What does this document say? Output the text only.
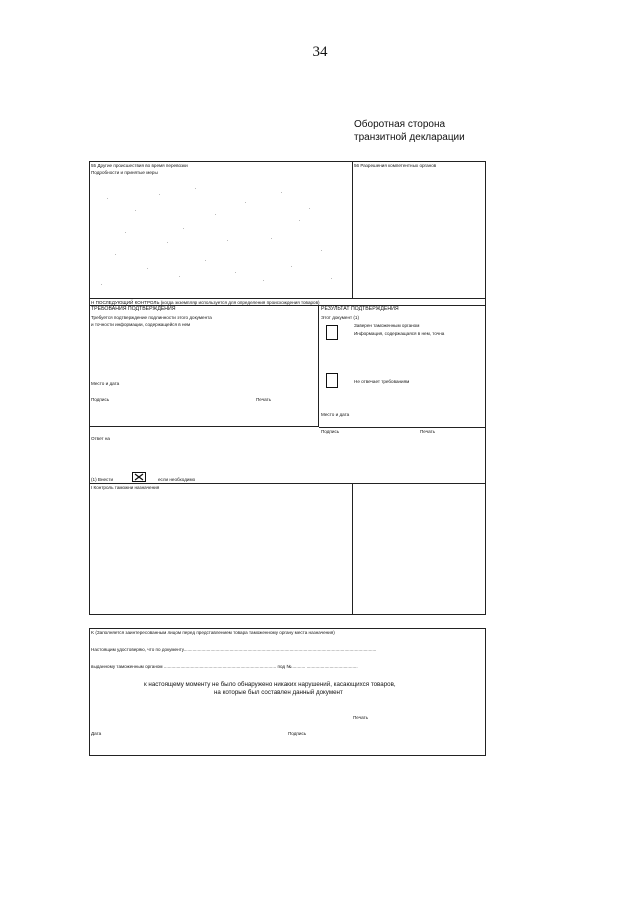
34
Оборотная сторона
транзитной декларации
55 Другие происшествия во время перевозки
Подробности и принятые меры
56 Разрешения компетентных органов
H ПОСЛЕДУЮЩИЙ КОНТРОЛЬ (когда экземпляр используется для определения происхождения товаров)
ТРЕБОВАНИЯ ПОДТВЕРЖДЕНИЯ
Требуется подтверждение подлинности этого документа
и точности информации, содержащейся в нем
Место и дата
Подпись	Печать
РЕЗУЛЬТАТ ПОДТВЕРЖДЕНИЯ
Этот документ (1)
Заверен таможенным органом
Информация, содержащаяся в нем, точна
Не отвечает требованиям
Место и дата
Подпись	Печать
Ответ на
(1) Внести	если необходимо
I Контроль таможни назначения
K (Заполняется заинтересованным лицом перед представлением товара таможенному органу места назначения)
Настоящим удостоверяю, что по документу.......................................................................................................................................................
выданному таможенным органом ........................................................................................ под №........... ........................................
к настоящему моменту не было обнаружено никаких нарушений, касающихся товаров,
на которые был составлен данный документ
Печать
Дата	Подпись
